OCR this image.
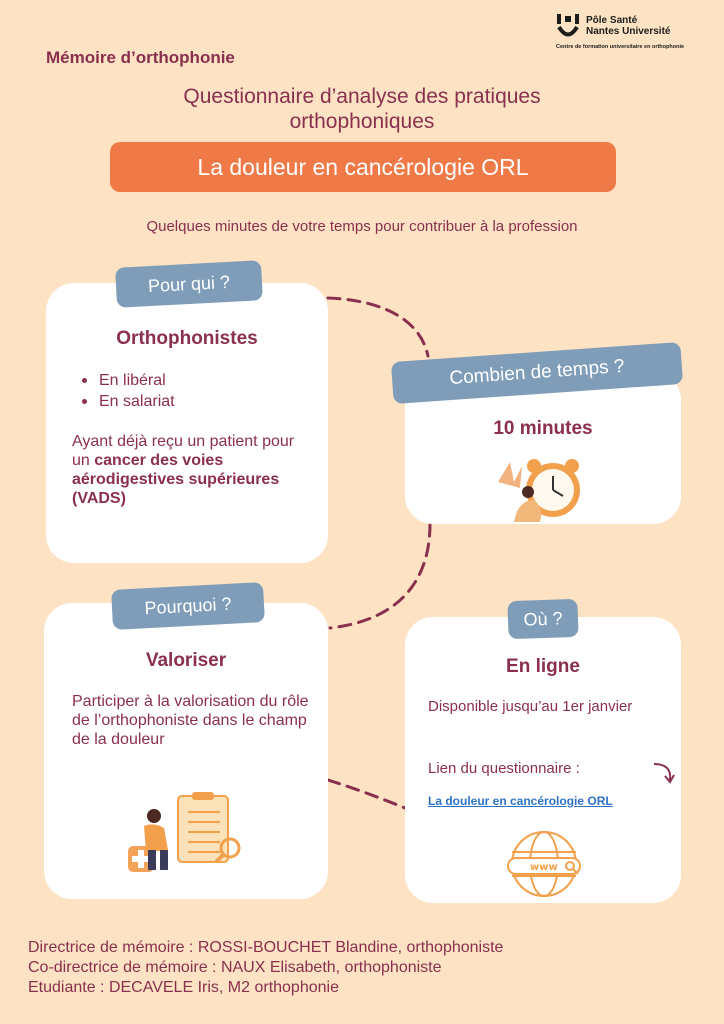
Pôle Santé
Nantes Université
Centre de formation universitaire en orthophonie
Mémoire d’orthophonie
Questionnaire d’analyse des pratiques
orthophoniques
La douleur en cancérologie ORL
Quelques minutes de votre temps pour contribuer à la profession
Pour qui ?
Combien de temps ?
Pourquoi ?
Où ?
Orthophonistes
En libéral
En salariat
Ayant déjà reçu un patient pour un cancer des voies aérodigestives supérieures (VADS)
10 minutes
Valoriser
Participer à la valorisation du rôle de l’orthophoniste dans le champ de la douleur
En ligne
Disponible jusqu’au 1er janvier
Lien du questionnaire :
La douleur en cancérologie ORL
www
Directrice de mémoire : ROSSI-BOUCHET Blandine, orthophoniste
Co-directrice de mémoire : NAUX Elisabeth, orthophoniste
Etudiante : DECAVELE Iris, M2 orthophonie
